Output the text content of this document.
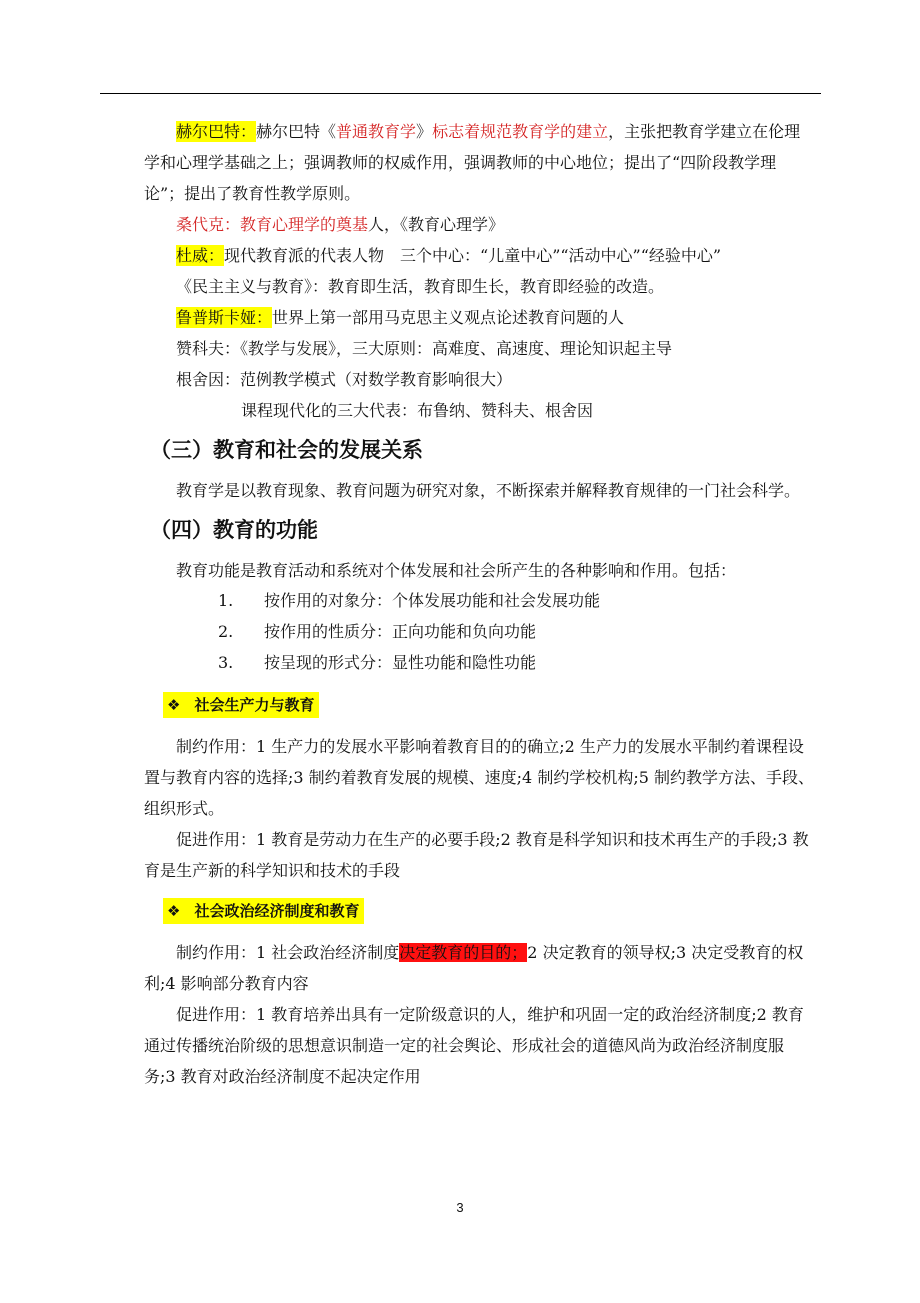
赫尔巴特：赫尔巴特《普通教育学》标志着规范教育学的建立，主张把教育学建立在伦理
学和心理学基础之上；强调教师的权威作用，强调教师的中心地位；提出了“四阶段教学理
论”；提出了教育性教学原则。
桑代克：教育心理学的奠基人，《教育心理学》
杜威：现代教育派的代表人物　三个中心：“儿童中心”“活动中心”“经验中心”
《民主主义与教育》：教育即生活，教育即生长，教育即经验的改造。
鲁普斯卡娅：世界上第一部用马克思主义观点论述教育问题的人
赞科夫：《教学与发展》，三大原则：高难度、高速度、理论知识起主导
根舍因：范例教学模式（对数学教育影响很大）
课程现代化的三大代表：布鲁纳、赞科夫、根舍因
（三）教育和社会的发展关系
教育学是以教育现象、教育问题为研究对象，不断探索并解释教育规律的一门社会科学。
（四）教育的功能
教育功能是教育活动和系统对个体发展和社会所产生的各种影响和作用。包括：
1. 按作用的对象分：个体发展功能和社会发展功能
2. 按作用的性质分：正向功能和负向功能
3. 按呈现的形式分：显性功能和隐性功能
❖ 社会生产力与教育
制约作用：1 生产力的发展水平影响着教育目的的确立;2 生产力的发展水平制约着课程设
置与教育内容的选择;3 制约着教育发展的规模、速度;4 制约学校机构;5 制约教学方法、手段、
组织形式。
促进作用：1 教育是劳动力在生产的必要手段;2 教育是科学知识和技术再生产的手段;3 教
育是生产新的科学知识和技术的手段
❖ 社会政治经济制度和教育
制约作用：1 社会政治经济制度决定教育的目的；2 决定教育的领导权;3 决定受教育的权
利;4 影响部分教育内容
促进作用：1 教育培养出具有一定阶级意识的人，维护和巩固一定的政治经济制度;2 教育
通过传播统治阶级的思想意识制造一定的社会舆论、形成社会的道德风尚为政治经济制度服
务;3 教育对政治经济制度不起决定作用
3
